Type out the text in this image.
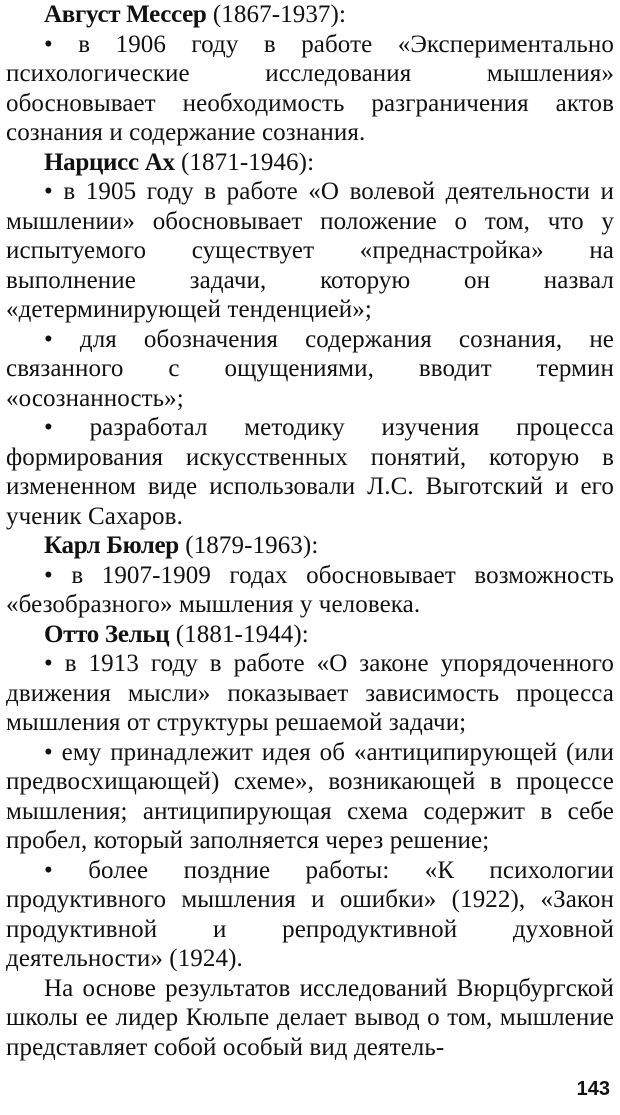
Август Мессер (1867-1937):

• в 1906 году в работе «Экспериментально психологические исследования мышления» обосновывает необходимость разграничения актов сознания и содержание сознания.

Нарцисс Ах (1871-1946):

• в 1905 году в работе «О волевой деятельности и мышлении» обосновывает положение о том, что у испытуемого существует «преднастройка» на выполнение задачи, которую он назвал «детерминирующей тенденцией»;

• для обозначения содержания сознания, не связанного с ощущениями, вводит термин «осознанность»;

• разработал методику изучения процесса формирования искусственных понятий, которую в измененном виде использовали Л.С. Выготский и его ученик Сахаров.

Карл Бюлер (1879-1963):

• в 1907-1909 годах обосновывает возможность «безобразного» мышления у человека.

Отто Зельц (1881-1944):

• в 1913 году в работе «О законе упорядоченного движения мысли» показывает зависимость процесса мышления от структуры решаемой задачи;

• ему принадлежит идея об «антиципирующей (или предвосхищающей) схеме», возникающей в процессе мышления; антиципирующая схема содержит в себе пробел, который заполняется через решение;

• более поздние работы: «К психологии продуктивного мышления и ошибки» (1922), «Закон продуктивной и репродуктивной духовной деятельности» (1924).

На основе результатов исследований Вюрцбургской школы ее лидер Кюльпе делает вывод о том, мышление представляет собой особый вид деятель-

143
